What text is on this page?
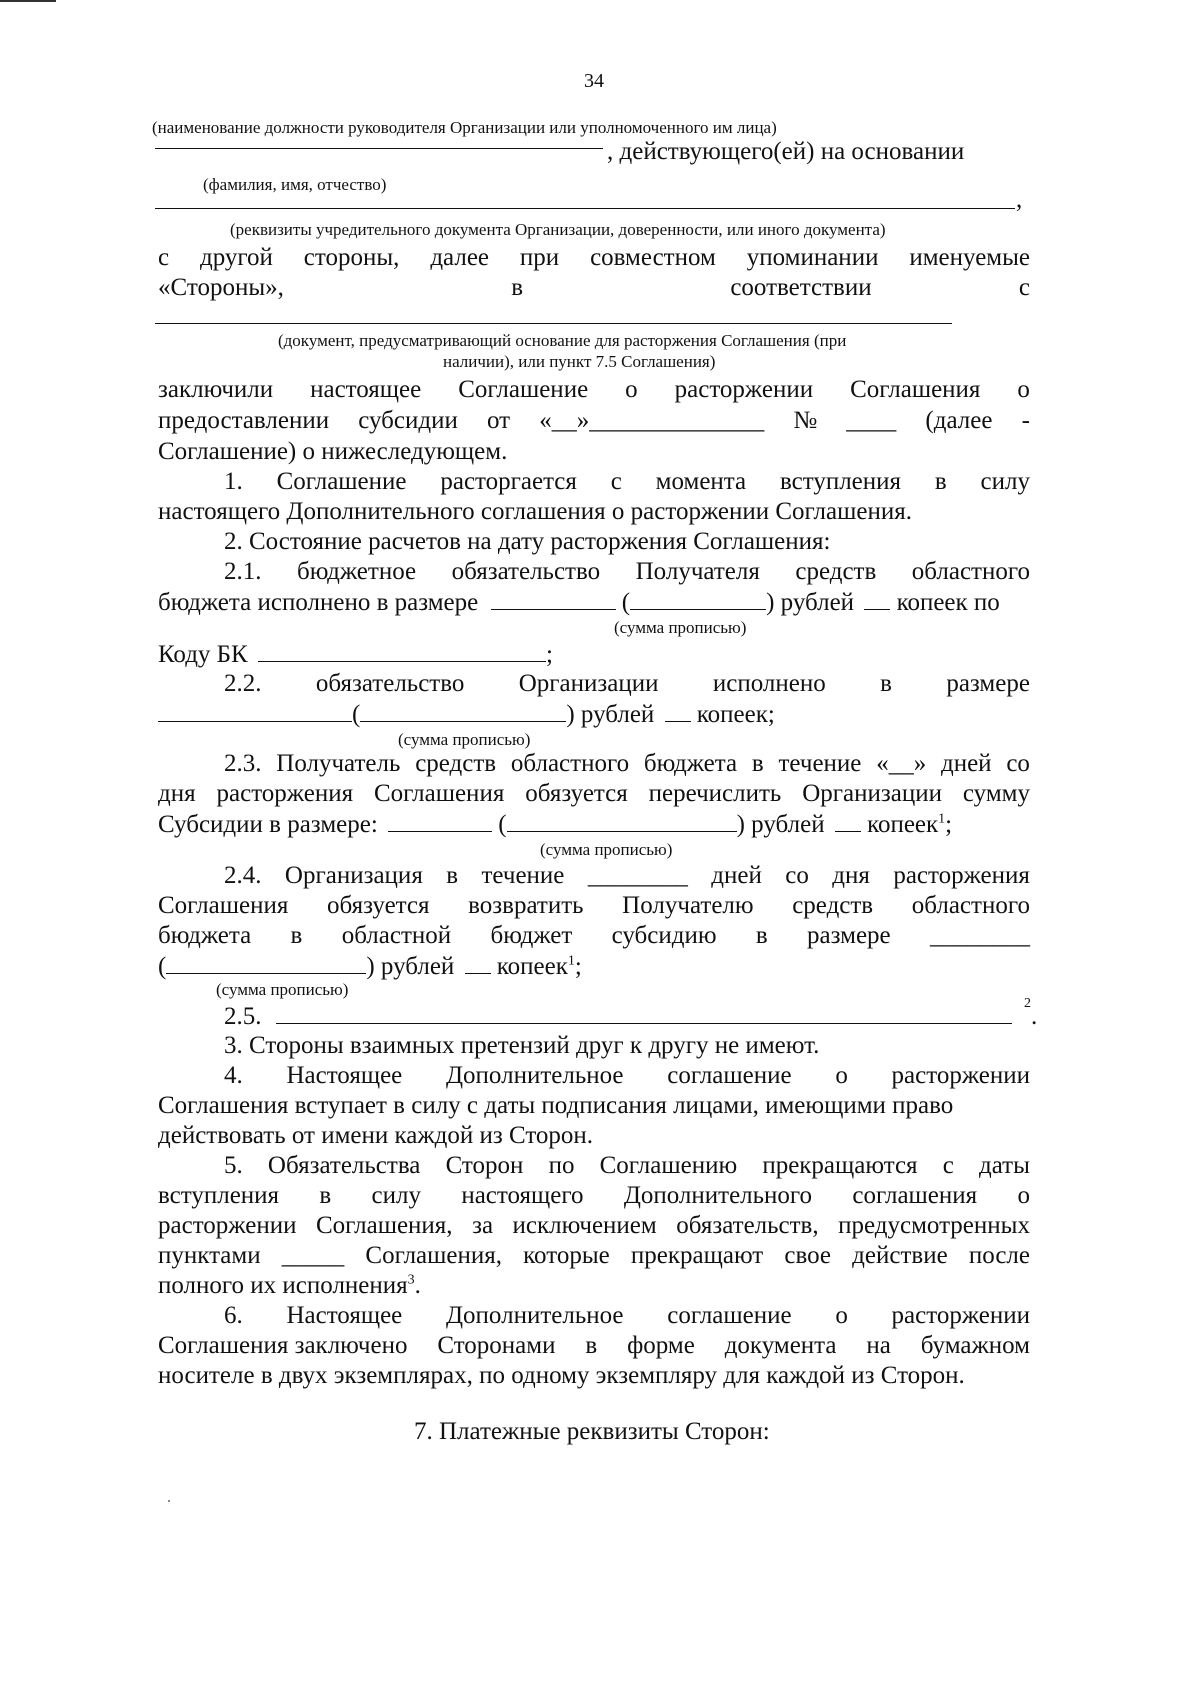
34
(наименование должности руководителя Организации или уполномоченного им лица)
, действующего(ей) на основании
(фамилия, имя, отчество)
,
(реквизиты учредительного документа Организации, доверенности, или иного документа)
с другой стороны, далее при совместном упоминании именуемые
«Стороны»,	в	соответствии	с
(документ, предусматривающий основание для расторжения Соглашения (при
наличии), или пункт 7.5 Соглашения)
заключили настоящее Соглашение о расторжении Соглашения о
предоставлении субсидии от «__»______________ № ____ (далее -
Соглашение) о нижеследующем.
1. Соглашение расторгается с момента вступления в силу
настоящего Дополнительного соглашения о расторжении Соглашения.
2. Состояние расчетов на дату расторжения Соглашения:
2.1. бюджетное обязательство Получателя средств областного
бюджета исполнено в размере	(	) рублей копеек по
(сумма прописью)
Коду БК	;
2.2. обязательство Организации исполнено в размере
(	) рублей копеек;
(сумма прописью)
2.3. Получатель средств областного бюджета в течение «__» дней со
дня расторжения Соглашения обязуется перечислить Организации сумму
Субсидии в размере:	(	) рублей копеек$^1$;
(сумма прописью)
2.4. Организация в течение ________ дней со дня расторжения
Соглашения обязуется возвратить Получателю средств областного
бюджета в областной бюджет субсидию в размере ________
(	) рублей копеек$^1$;
(сумма прописью)
2.5.	$^2$.
3. Стороны взаимных претензий друг к другу не имеют.
4. Настоящее Дополнительное соглашение о расторжении
Соглашения вступает в силу с даты подписания лицами, имеющими право
действовать от имени каждой из Сторон.
5. Обязательства Сторон по Соглашению прекращаются с даты
вступления в силу настоящего Дополнительного соглашения о
расторжении Соглашения, за исключением обязательств, предусмотренных
пунктами _____ Соглашения, которые прекращают свое действие после
полного их исполнения$^3$.
6. Настоящее Дополнительное соглашение о расторжении
Соглашения заключено Сторонами в форме документа на бумажном
носителе в двух экземплярах, по одному экземпляру для каждой из Сторон.
7. Платежные реквизиты Сторон:
